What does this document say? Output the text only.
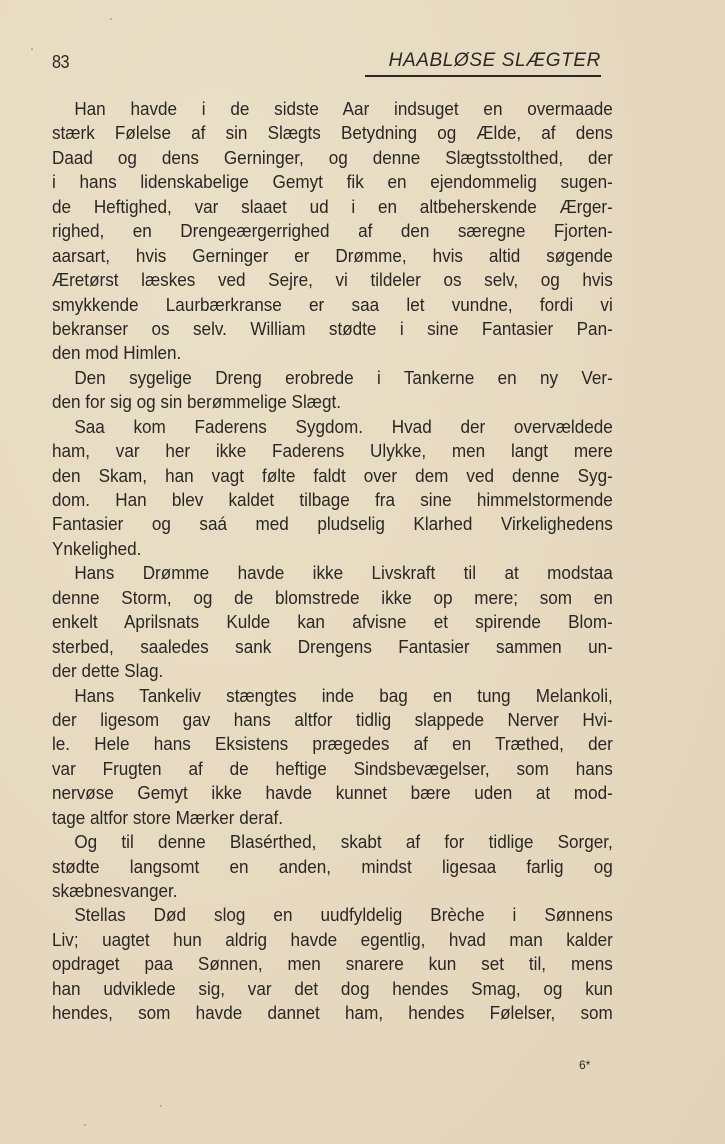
83	HAABLØSE SLÆGTER
Han havde i de sidste Aar indsuget en overmaade
stærk Følelse af sin Slægts Betydning og Ælde, af dens
Daad og dens Gerninger, og denne Slægtsstolthed, der
i hans lidenskabelige Gemyt fik en ejendommelig sugen-
de Heftighed, var slaaet ud i en altbeherskende Ærger-
righed, en Drengeærgerrighed af den særegne Fjorten-
aarsart, hvis Gerninger er Drømme, hvis altid søgende
Æretørst læskes ved Sejre, vi tildeler os selv, og hvis
smykkende Laurbærkranse er saa let vundne, fordi vi
bekranser os selv. William stødte i sine Fantasier Pan-
den mod Himlen.
Den sygelige Dreng erobrede i Tankerne en ny Ver-
den for sig og sin berømmelige Slægt.
Saa kom Faderens Sygdom. Hvad der overvældede
ham, var her ikke Faderens Ulykke, men langt mere
den Skam, han vagt følte faldt over dem ved denne Syg-
dom. Han blev kaldet tilbage fra sine himmelstormende
Fantasier og saá med pludselig Klarhed Virkelighedens
Ynkelighed.
Hans Drømme havde ikke Livskraft til at modstaa
denne Storm, og de blomstrede ikke op mere; som en
enkelt Aprilsnats Kulde kan afvisne et spirende Blom-
sterbed, saaledes sank Drengens Fantasier sammen un-
der dette Slag.
Hans Tankeliv stængtes inde bag en tung Melankoli,
der ligesom gav hans altfor tidlig slappede Nerver Hvi-
le. Hele hans Eksistens prægedes af en Træthed, der
var Frugten af de heftige Sindsbevægelser, som hans
nervøse Gemyt ikke havde kunnet bære uden at mod-
tage altfor store Mærker deraf.
Og til denne Blasérthed, skabt af for tidlige Sorger,
stødte langsomt en anden, mindst ligesaa farlig og
skæbnesvanger.
Stellas Død slog en uudfyldelig Brèche i Sønnens
Liv; uagtet hun aldrig havde egentlig, hvad man kalder
opdraget paa Sønnen, men snarere kun set til, mens
han udviklede sig, var det dog hendes Smag, og kun
hendes, som havde dannet ham, hendes Følelser, som
6*
